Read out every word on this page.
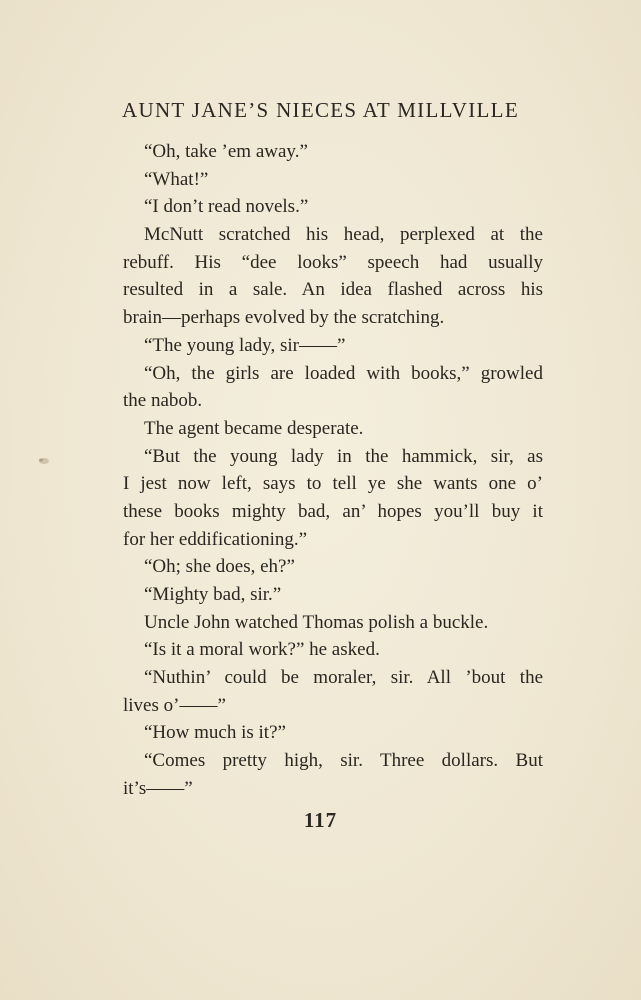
AUNT JANE’S NIECES AT MILLVILLE
“Oh, take ’em away.”
“What!”
“I don’t read novels.”
McNutt scratched his head, perplexed at the
rebuff. His “dee looks” speech had usually
resulted in a sale. An idea flashed across his
brain—perhaps evolved by the scratching.
“The young lady, sir——”
“Oh, the girls are loaded with books,” growled
the nabob.
The agent became desperate.
“But the young lady in the hammick, sir, as
I jest now left, says to tell ye she wants one o’
these books mighty bad, an’ hopes you’ll buy it
for her eddificationing.”
“Oh; she does, eh?”
“Mighty bad, sir.”
Uncle John watched Thomas polish a buckle.
“Is it a moral work?” he asked.
“Nuthin’ could be moraler, sir. All ’bout the
lives o’——”
“How much is it?”
“Comes pretty high, sir. Three dollars. But
it’s——”
117
